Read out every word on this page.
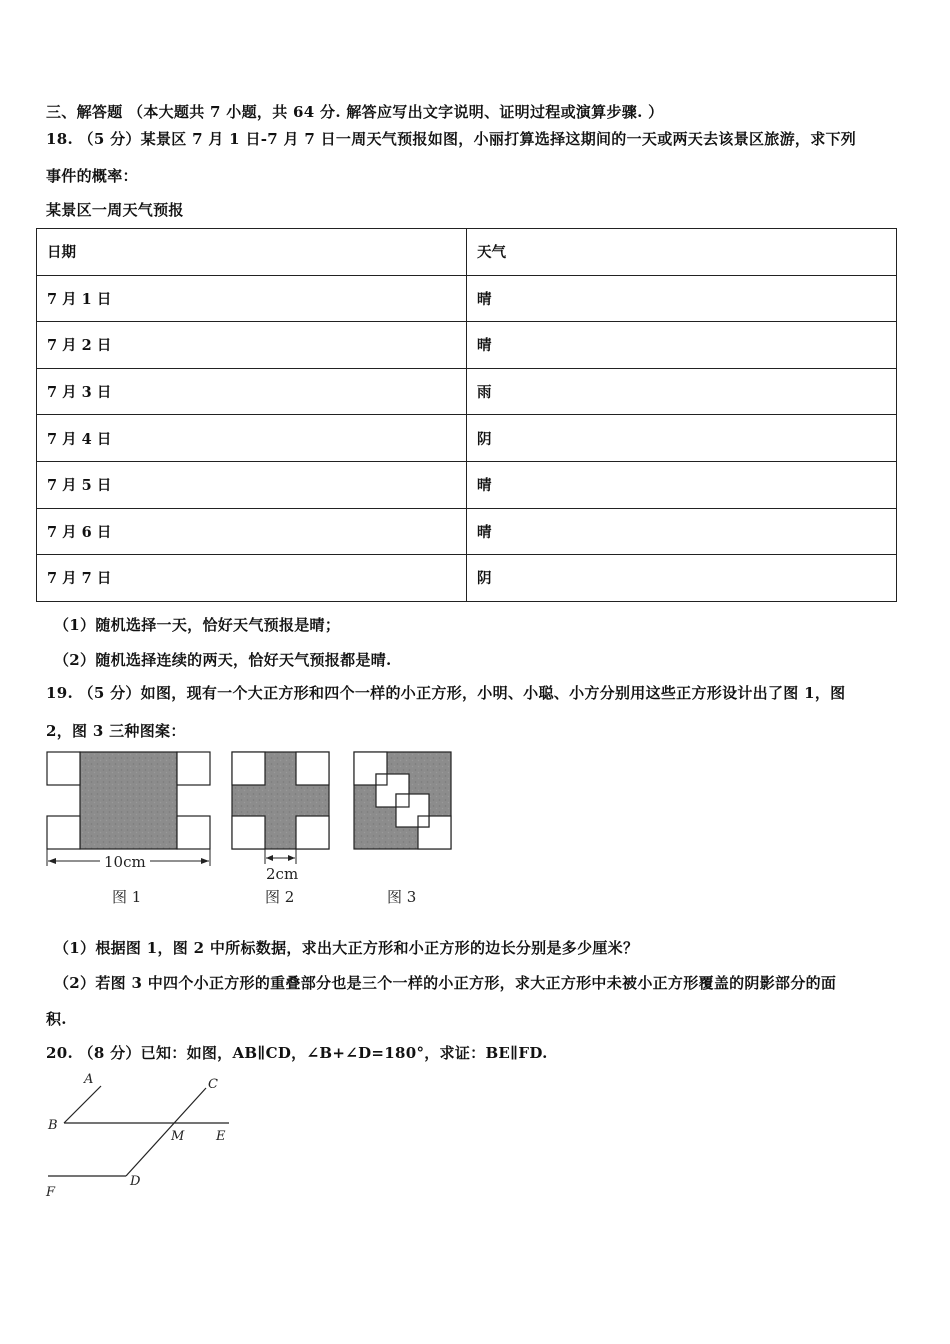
三、解答题 （本大题共 7 小题，共 64 分. 解答应写出文字说明、证明过程或演算步骤. ）
18. （5 分）某景区 7 月 1 日-7 月 7 日一周天气预报如图，小丽打算选择这期间的一天或两天去该景区旅游，求下列
事件的概率：
某景区一周天气预报
日期	天气
7 月 1 日	晴
7 月 2 日	晴
7 月 3 日	雨
7 月 4 日	阴
7 月 5 日	晴
7 月 6 日	晴
7 月 7 日	阴
（1）随机选择一天，恰好天气预报是晴；
（2）随机选择连续的两天，恰好天气预报都是晴.
19. （5 分）如图，现有一个大正方形和四个一样的小正方形，小明、小聪、小方分别用这些正方形设计出了图 1，图
2，图 3 三种图案：
10cm
图 1
2cm
图 2	图 3
A
B
C
M E
D
F
（1）根据图 1，图 2 中所标数据，求出大正方形和小正方形的边长分别是多少厘米？
（2）若图 3 中四个小正方形的重叠部分也是三个一样的小正方形，求大正方形中未被小正方形覆盖的阴影部分的面
积.
20. （8 分）已知：如图，AB∥CD，∠B+∠D=180°，求证：BE∥FD.
